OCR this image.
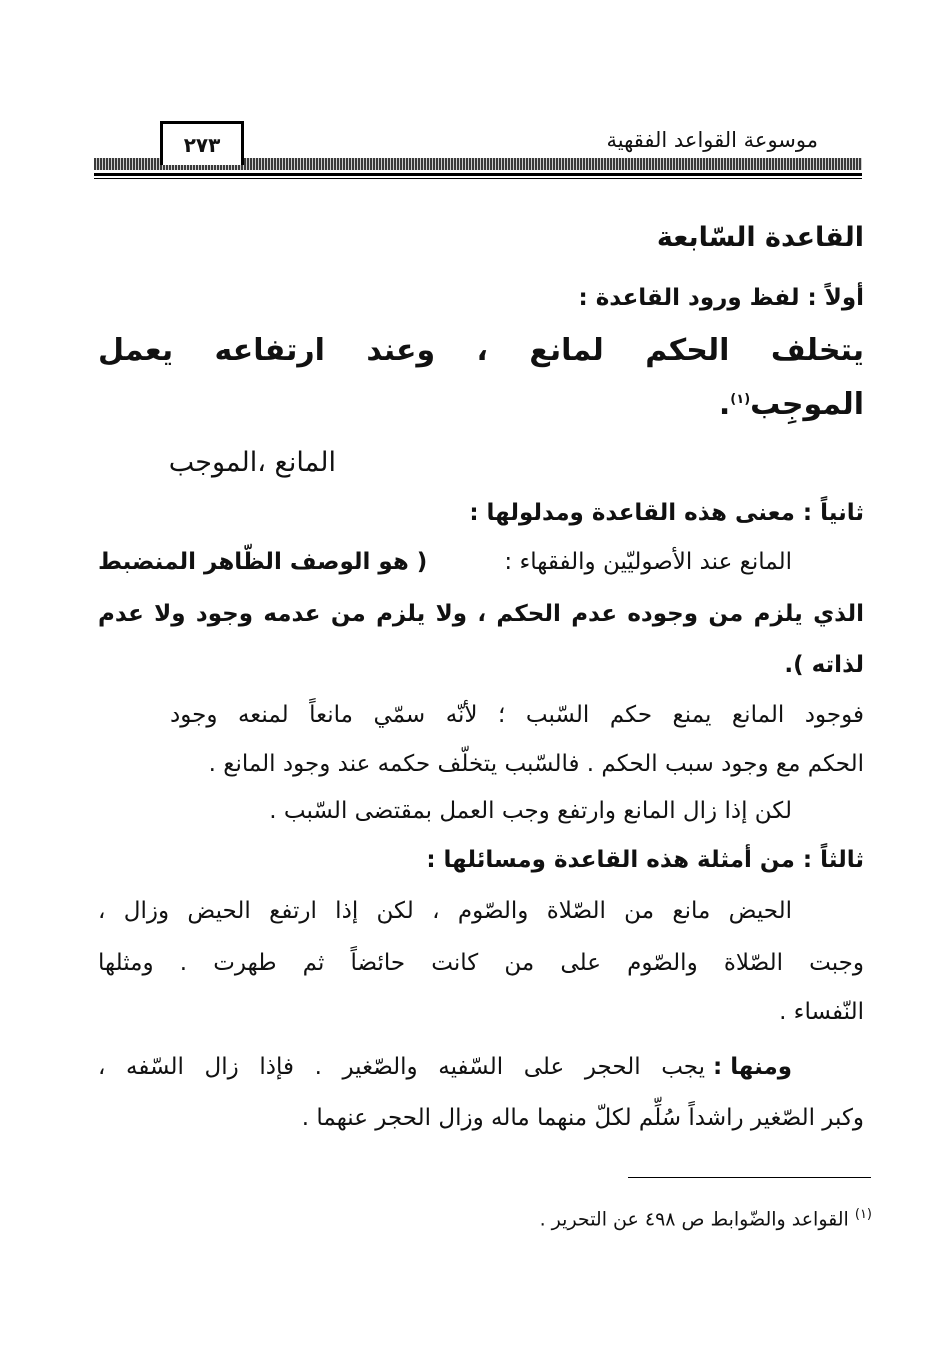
موسوعة القواعد الفقهية
٢٧٣
القاعدة السّابعة
أولاً : لفظ ورود القاعدة :
يتخلف الحكم لمانع ، وعند ارتفاعه يعمل
الموجِب$^{(١)}$.
المانع ،الموجب
ثانياً : معنى هذه القاعدة ومدلولها :
المانع عند الأصوليّين والفقهاء :
( هو الوصف الظّاهر المنضبط
الذي يلزم من وجوده عدم الحكم ، ولا يلزم من عدمه وجود ولا عدم
لذاته ).
فوجود المانع يمنع حكم السّبب ؛ لأنّه سمّي مانعاً لمنعه وجود
الحكم مع وجود سبب الحكم . فالسّبب يتخلّف حكمه عند وجود المانع .
لكن إذا زال المانع وارتفع وجب العمل بمقتضى السّبب .
ثالثاً : من أمثلة هذه القاعدة ومسائلها :
الحيض مانع من الصّلاة والصّوم ، لكن إذا ارتفع الحيض وزال ،
وجبت الصّلاة والصّوم على من كانت حائضاً ثم طهرت . ومثلها
النّفساء .
ومنها :
يجب الحجر على السّفيه والصّغير . فإذا زال السّفه ،
وكبر الصّغير راشداً سُلِّم لكلّ منهما ماله وزال الحجر عنهما .
$^{(١)}$ القواعد والضّوابط ص ٤٩٨ عن التحرير .
